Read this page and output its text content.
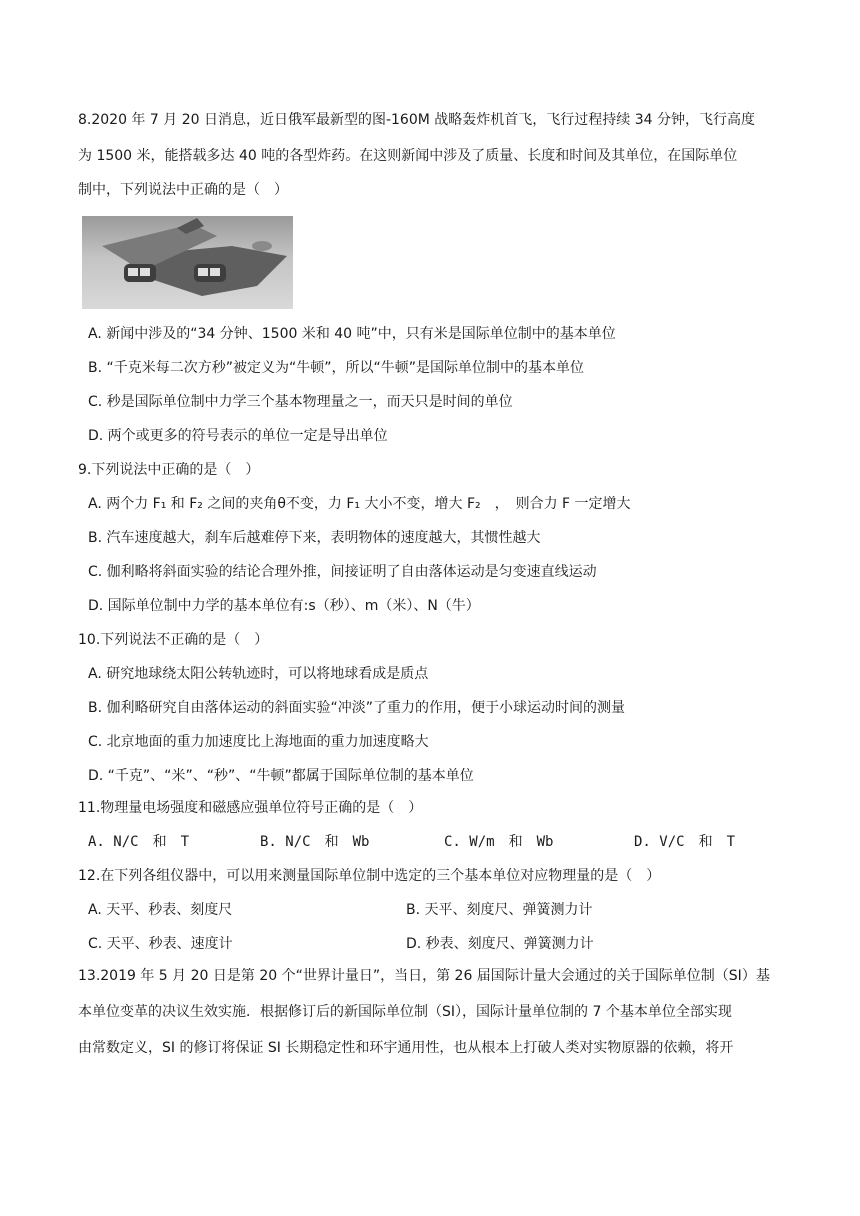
8.2020 年 7 月 20 日消息，近日俄军最新型的图-160M 战略轰炸机首飞，飞行过程持续 34 分钟，飞行高度
为 1500 米，能搭载多达 40 吨的各型炸药。在这则新闻中涉及了质量、长度和时间及其单位，在国际单位
制中，下列说法中正确的是（　）
A. 新闻中涉及的“34 分钟、1500 米和 40 吨”中，只有米是国际单位制中的基本单位
B. “千克米每二次方秒”被定义为“牛顿”，所以“牛顿”是国际单位制中的基本单位
C. 秒是国际单位制中力学三个基本物理量之一，而天只是时间的单位
D. 两个或更多的符号表示的单位一定是导出单位
9.下列说法中正确的是（　）
A. 两个力 F₁ 和 F₂ 之间的夹角θ不变，力 F₁ 大小不变，增大 F₂　，　则合力 F 一定增大
B. 汽车速度越大，刹车后越难停下来，表明物体的速度越大，其惯性越大
C. 伽利略将斜面实验的结论合理外推，间接证明了自由落体运动是匀变速直线运动
D. 国际单位制中力学的基本单位有:s（秒）、m（米）、N（牛）
10.下列说法不正确的是（　）
A. 研究地球绕太阳公转轨迹时，可以将地球看成是质点
B. 伽利略研究自由落体运动的斜面实验“冲淡”了重力的作用，便于小球运动时间的测量
C. 北京地面的重力加速度比上海地面的重力加速度略大
D. “千克”、“米”、“秒”、“牛顿”都属于国际单位制的基本单位
11.物理量电场强度和磁感应强单位符号正确的是（　）
A. N/C　和　T	B. N/C　和　Wb	C. W/m　和　Wb	D. V/C　和　T
12.在下列各组仪器中，可以用来测量国际单位制中选定的三个基本单位对应物理量的是（　）
A. 天平、秒表、刻度尺	B. 天平、刻度尺、弹簧测力计
C. 天平、秒表、速度计	D. 秒表、刻度尺、弹簧测力计
13.2019 年 5 月 20 日是第 20 个“世界计量日”，当日，第 26 届国际计量大会通过的关于国际单位制（SI）基
本单位变革的决议生效实施．根据修订后的新国际单位制（SI），国际计量单位制的 7 个基本单位全部实现
由常数定义，SI 的修订将保证 SI 长期稳定性和环宇通用性，也从根本上打破人类对实物原器的依赖，将开
